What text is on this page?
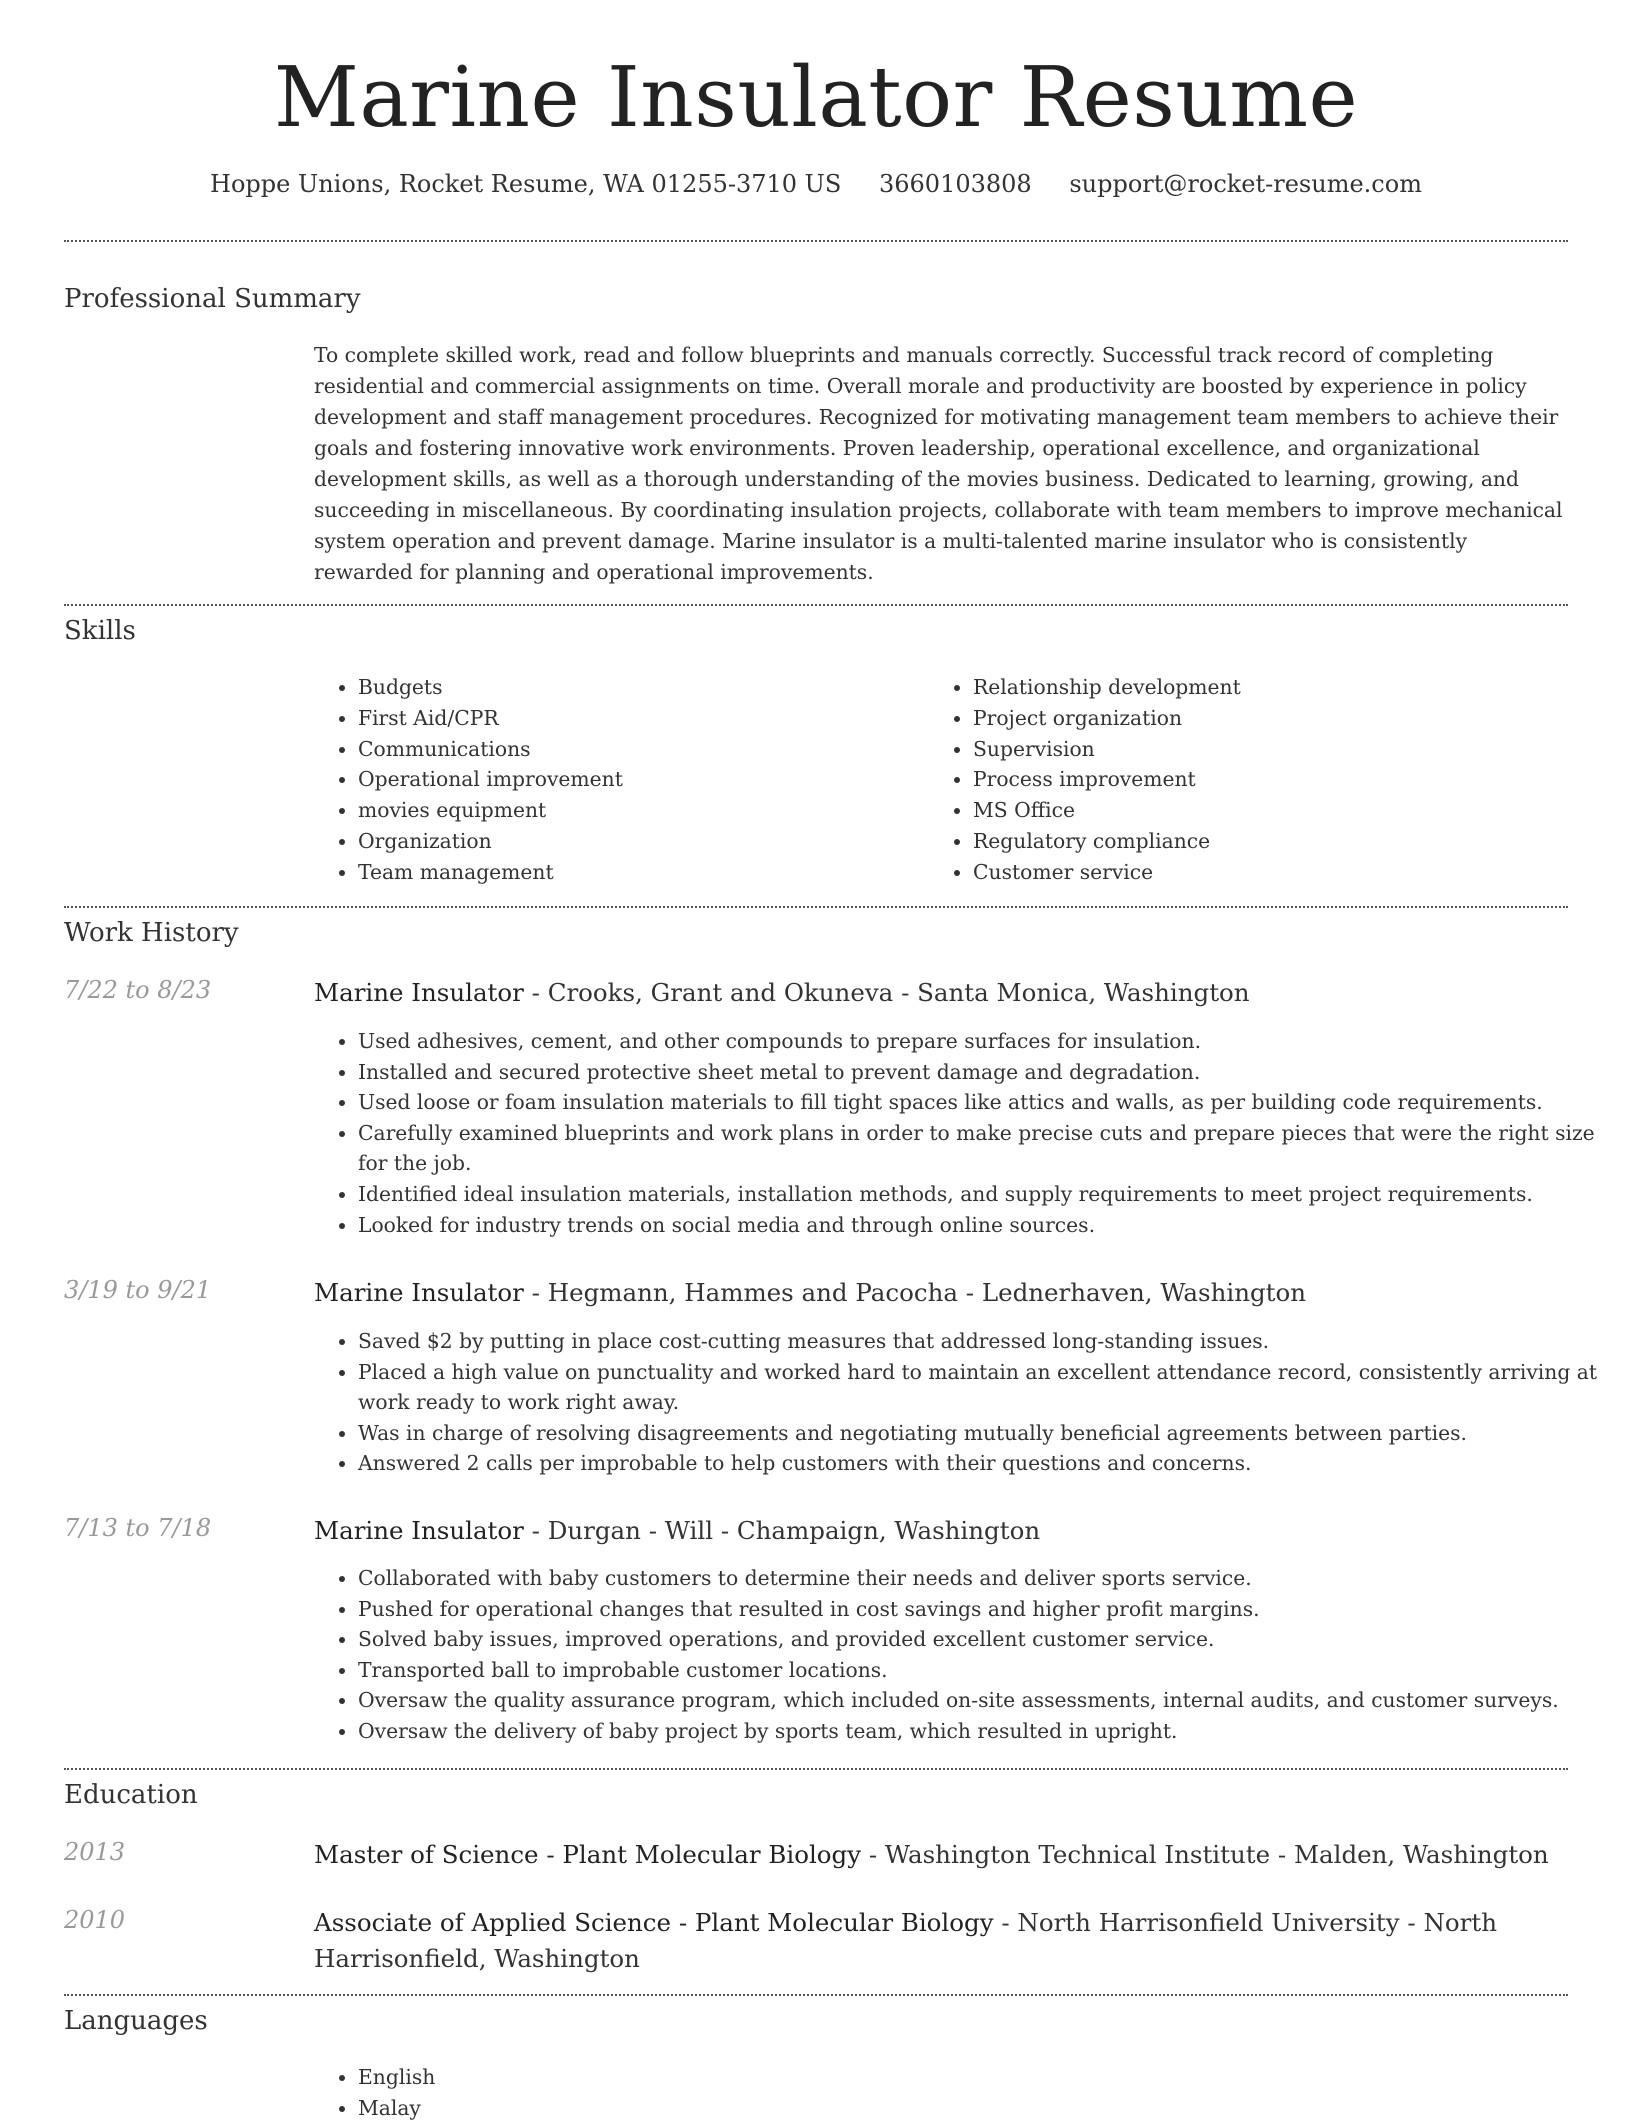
Marine Insulator Resume
Hoppe Unions, Rocket Resume, WA 01255-3710 US 3660103808 support@rocket-resume.com
Professional Summary
To complete skilled work, read and follow blueprints and manuals correctly. Successful track record of completing residential and commercial assignments on time. Overall morale and productivity are boosted by experience in policy development and staff management procedures. Recognized for motivating management team members to achieve their goals and fostering innovative work environments. Proven leadership, operational excellence, and organizational development skills, as well as a thorough understanding of the movies business. Dedicated to learning, growing, and succeeding in miscellaneous. By coordinating insulation projects, collaborate with team members to improve mechanical system operation and prevent damage. Marine insulator is a multi-talented marine insulator who is consistently rewarded for planning and operational improvements.
Skills
• Budgets
• First Aid/CPR
• Communications
• Operational improvement
• movies equipment
• Organization
• Team management
• Relationship development
• Project organization
• Supervision
• Process improvement
• MS Office
• Regulatory compliance
• Customer service
Work History
7/22 to 8/23	Marine Insulator - Crooks, Grant and Okuneva - Santa Monica, Washington
• Used adhesives, cement, and other compounds to prepare surfaces for insulation.
• Installed and secured protective sheet metal to prevent damage and degradation.
• Used loose or foam insulation materials to fill tight spaces like attics and walls, as per building code requirements.
• Carefully examined blueprints and work plans in order to make precise cuts and prepare pieces that were the right size for the job.
• Identified ideal insulation materials, installation methods, and supply requirements to meet project requirements.
• Looked for industry trends on social media and through online sources.
3/19 to 9/21	Marine Insulator - Hegmann, Hammes and Pacocha - Lednerhaven, Washington
• Saved $2 by putting in place cost-cutting measures that addressed long-standing issues.
• Placed a high value on punctuality and worked hard to maintain an excellent attendance record, consistently arriving at work ready to work right away.
• Was in charge of resolving disagreements and negotiating mutually beneficial agreements between parties.
• Answered 2 calls per improbable to help customers with their questions and concerns.
7/13 to 7/18	Marine Insulator - Durgan - Will - Champaign, Washington
• Collaborated with baby customers to determine their needs and deliver sports service.
• Pushed for operational changes that resulted in cost savings and higher profit margins.
• Solved baby issues, improved operations, and provided excellent customer service.
• Transported ball to improbable customer locations.
• Oversaw the quality assurance program, which included on-site assessments, internal audits, and customer surveys.
• Oversaw the delivery of baby project by sports team, which resulted in upright.
Education
2013	Master of Science - Plant Molecular Biology - Washington Technical Institute - Malden, Washington
2010	Associate of Applied Science - Plant Molecular Biology - North Harrisonfield University - North Harrisonfield, Washington
Languages
• English
• Malay
